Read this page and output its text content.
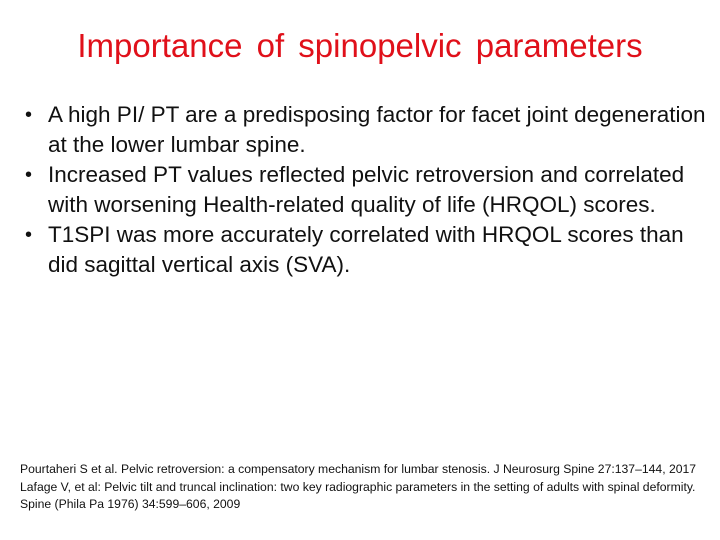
Importance of spinopelvic parameters
• A high PI/ PT are a predisposing factor for facet joint degeneration at the lower lumbar spine.
• Increased PT values reflected pelvic retroversion and correlated with worsening Health-related quality of life (HRQOL) scores.
• T1SPI was more accurately correlated with HRQOL scores than did sagittal vertical axis (SVA).
Pourtaheri S et al. Pelvic retroversion: a compensatory mechanism for lumbar stenosis. J Neurosurg Spine 27:137–144, 2017
Lafage V, et al: Pelvic tilt and truncal inclination: two key radiographic parameters in the setting of adults with spinal deformity. Spine (Phila Pa 1976) 34:599–606, 2009
